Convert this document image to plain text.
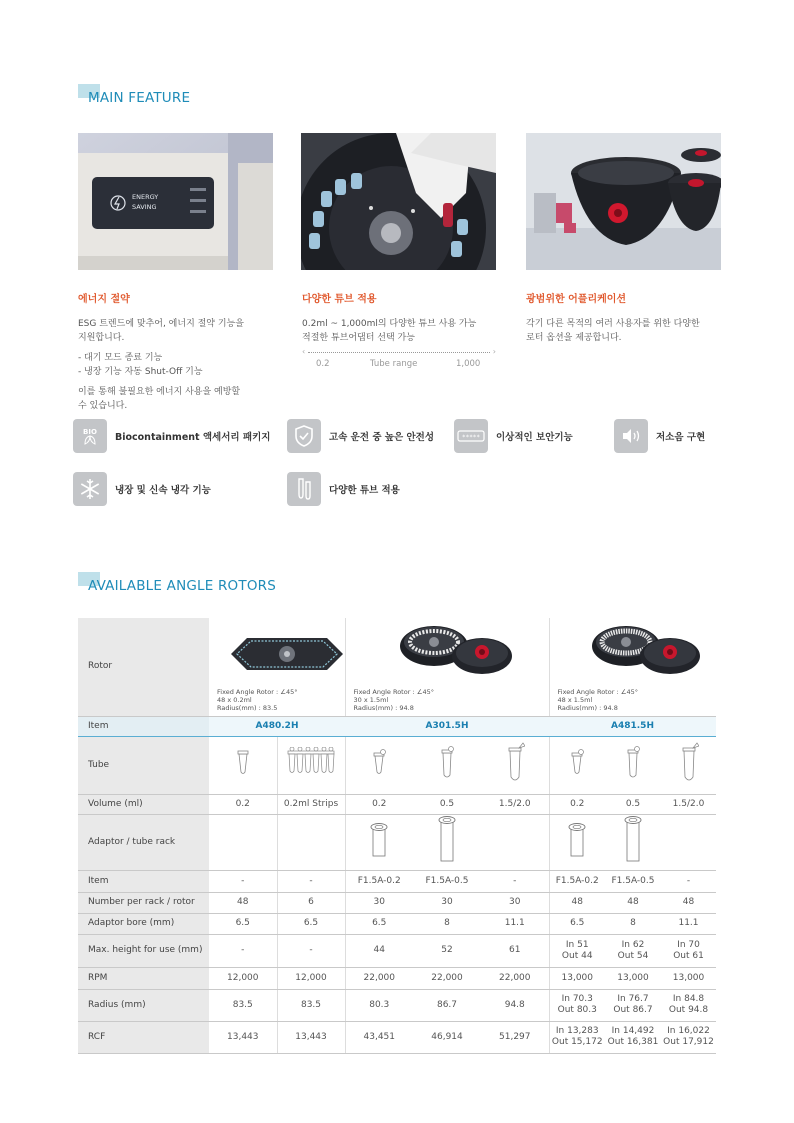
MAIN FEATURE
ENERGY
SAVING
에너지 절약

ESG 트렌드에 맞추어, 에너지 절약 기능을
지원합니다.

- 대기 모드 종료 기능
- 냉장 기능 자동 Shut-Off 기능

이를 통해 불필요한 에너지 사용을 예방할
수 있습니다.

다양한 튜브 적용

0.2ml ~ 1,000ml의 다양한 튜브 사용 가능
적절한 튜브어댑터 선택 가능

‹	›
0.2	Tube range	1,000
광범위한 어플리케이션

각기 다른 목적의 여러 사용자를 위한 다양한
로터 옵션을 제공합니다.

BIO Biocontainment 액세서리 패키지	고속 운전 중 높은 안전성	***** 이상적인 보안기능	저소음 구현
냉장 및 신속 냉각 기능	다양한 튜브 적용
AVAILABLE ANGLE ROTORS
Rotor	Fixed Angle Rotor : ∠45°
48 x 0.2ml
Radius(mm) : 83.5		Fixed Angle Rotor : ∠45°
30 x 1.5ml
Radius(mm) : 94.8			Fixed Angle Rotor : ∠45°
48 x 1.5ml
Radius(mm) : 94.8		

Item	A480.2H		A301.5H			A481.5H		
Tube								
Volume (ml)	0.2	0.2ml Strips	0.2	0.5	1.5/2.0	0.2	0.5	1.5/2.0
Adaptor / tube rack								
Item	-	-	F1.5A-0.2	F1.5A-0.5	-	F1.5A-0.2	F1.5A-0.5	-
Number per rack / rotor	48	6	30	30	30	48	48	48
Adaptor bore (mm)	6.5	6.5	6.5	8	11.1	6.5	8	11.1
Max. height for use (mm)	-	-	44	52	61	In 51
Out 44	In 62
Out 54	In 70
Out 61

RPM	12,000	12,000	22,000	22,000	22,000	13,000	13,000	13,000
Radius (mm)	83.5	83.5	80.3	86.7	94.8	In 70.3
Out 80.3	In 76.7
Out 86.7	In 84.8
Out 94.8

RCF	13,443	13,443	43,451	46,914	51,297	In 13,283
Out 15,172	In 14,492
Out 16,381	In 16,022
Out 17,912
